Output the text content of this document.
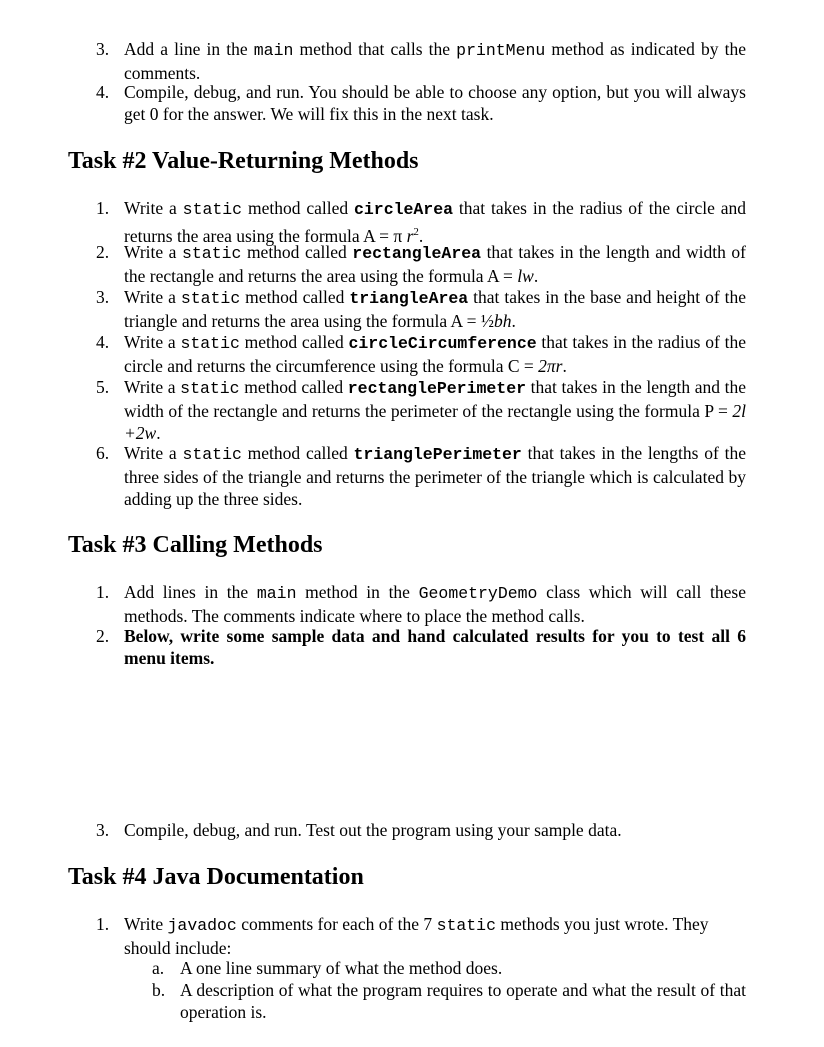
3. Add a line in the main method that calls the printMenu method as indicated by the comments.
4. Compile, debug, and run. You should be able to choose any option, but you will always get 0 for the answer. We will fix this in the next task.
Task #2 Value-Returning Methods
1. Write a static method called circleArea that takes in the radius of the circle and returns the area using the formula A = π $r^2$.
2. Write a static method called rectangleArea that takes in the length and width of the rectangle and returns the area using the formula A = lw.
3. Write a static method called triangleArea that takes in the base and height of the triangle and returns the area using the formula A = ½bh.
4. Write a static method called circleCircumference that takes in the radius of the circle and returns the circumference using the formula C = 2πr.
5. Write a static method called rectanglePerimeter that takes in the length and the width of the rectangle and returns the perimeter of the rectangle using the formula P = 2l +2w.
6. Write a static method called trianglePerimeter that takes in the lengths of the three sides of the triangle and returns the perimeter of the triangle which is calculated by adding up the three sides.
Task #3 Calling Methods
1. Add lines in the main method in the GeometryDemo class which will call these methods. The comments indicate where to place the method calls.
2. Below, write some sample data and hand calculated results for you to test all 6 menu items.
3. Compile, debug, and run. Test out the program using your sample data.
Task #4 Java Documentation
1. Write javadoc comments for each of the 7 static methods you just wrote. They should include:
a. A one line summary of what the method does.
b. A description of what the program requires to operate and what the result of that operation is.
